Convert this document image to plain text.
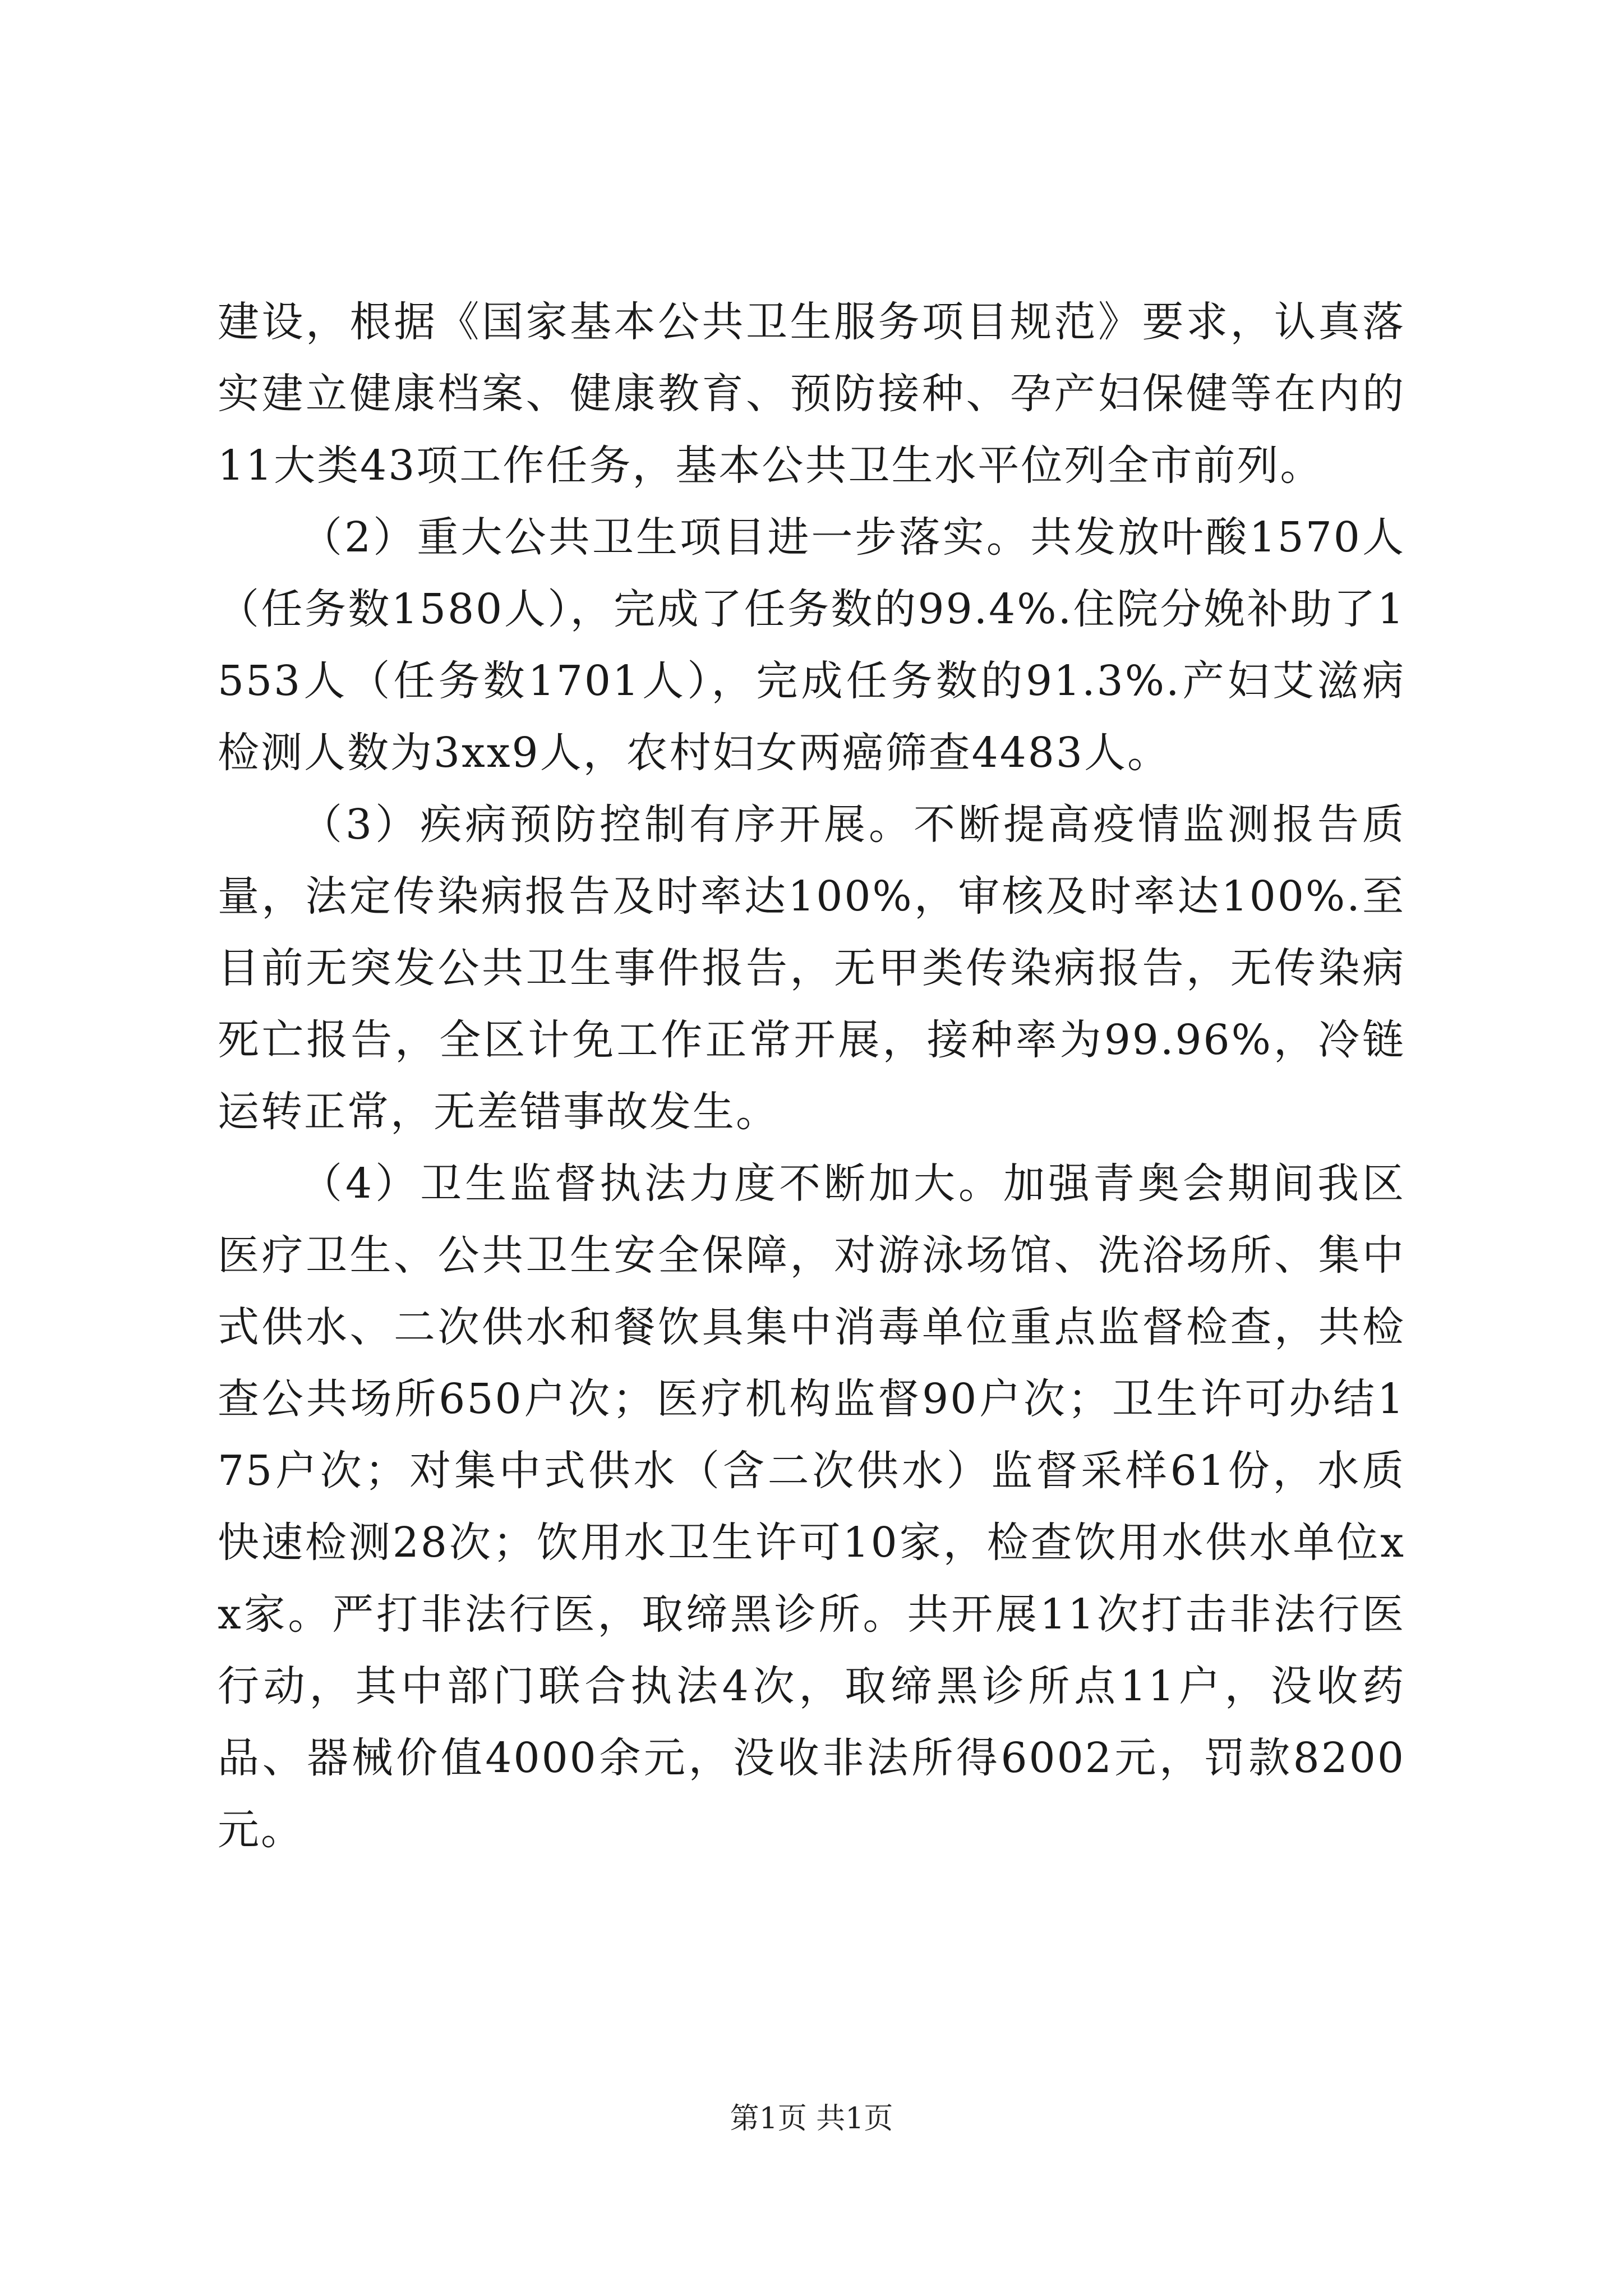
建设，根据《国家基本公共卫生服务项目规范》要求，认真落实建立健康档案、健康教育、预防接种、孕产妇保健等在内的11大类43项工作任务，基本公共卫生水平位列全市前列。

（2）重大公共卫生项目进一步落实。共发放叶酸1570人（任务数1580人），完成了任务数的99.4%.住院分娩补助了1553人（任务数1701人），完成任务数的91.3%.产妇艾滋病检测人数为3xx9人，农村妇女两癌筛查4483人。

（3）疾病预防控制有序开展。不断提高疫情监测报告质量，法定传染病报告及时率达100%，审核及时率达100%.至目前无突发公共卫生事件报告，无甲类传染病报告，无传染病死亡报告，全区计免工作正常开展，接种率为99.96%，冷链运转正常，无差错事故发生。

（4）卫生监督执法力度不断加大。加强青奥会期间我区医疗卫生、公共卫生安全保障，对游泳场馆、洗浴场所、集中式供水、二次供水和餐饮具集中消毒单位重点监督检查，共检查公共场所650户次；医疗机构监督90户次；卫生许可办结175户次；对集中式供水（含二次供水）监督采样61份，水质快速检测28次；饮用水卫生许可10家，检查饮用水供水单位xx家。严打非法行医，取缔黑诊所。共开展11次打击非法行医行动，其中部门联合执法4次，取缔黑诊所点11户，没收药品、器械价值4000余元，没收非法所得6002元，罚款8200元。

第1页 共1页
